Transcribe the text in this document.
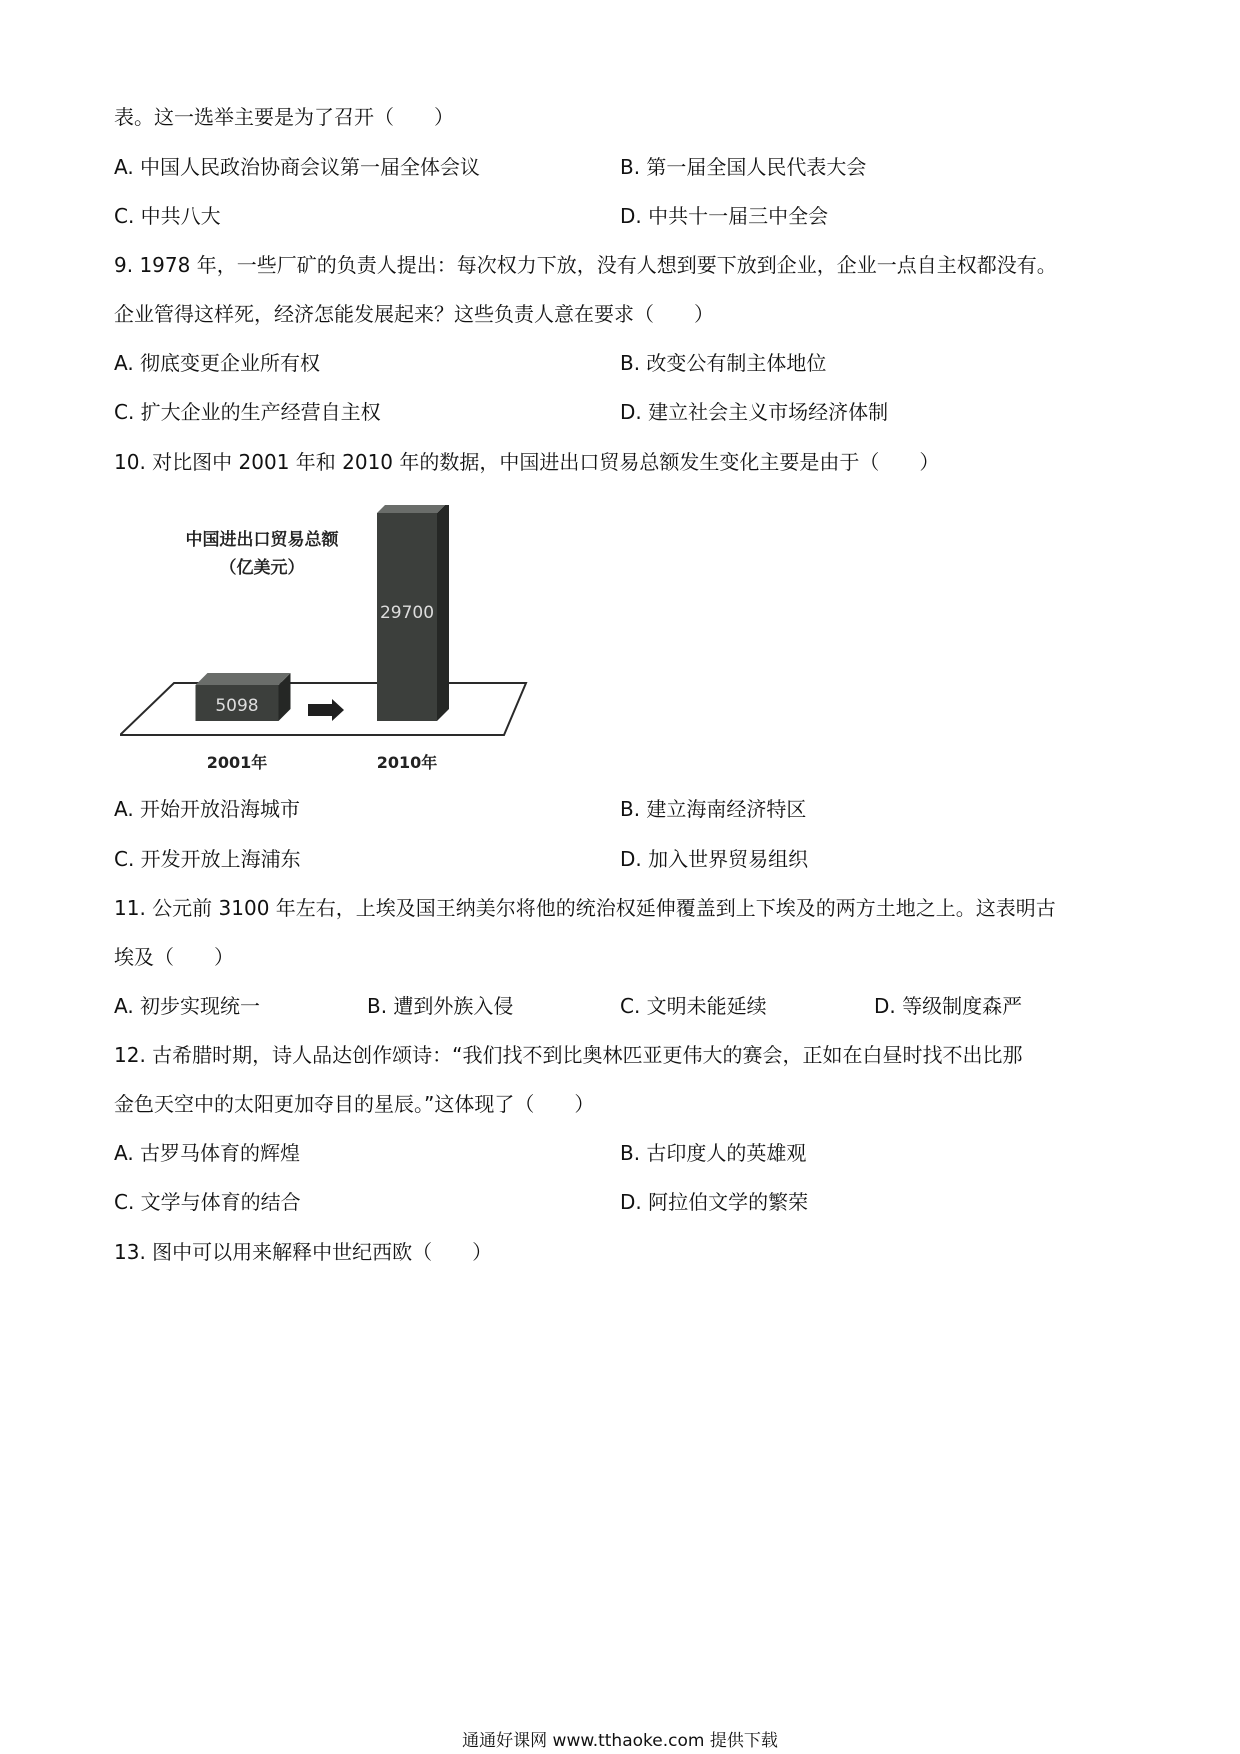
表。这一选举主要是为了召开（　　）
A. 中国人民政治协商会议第一届全体会议	B. 第一届全国人民代表大会
C. 中共八大	D. 中共十一届三中全会
9. 1978 年，一些厂矿的负责人提出：每次权力下放，没有人想到要下放到企业，企业一点自主权都没有。
企业管得这样死，经济怎能发展起来？这些负责人意在要求（　　）
A. 彻底变更企业所有权	B. 改变公有制主体地位
C. 扩大企业的生产经营自主权	D. 建立社会主义市场经济体制
10. 对比图中 2001 年和 2010 年的数据，中国进出口贸易总额发生变化主要是由于（　　）
中国进出口贸易总额
（亿美元）
5098
29700
2001年	2010年
A. 开始开放沿海城市	B. 建立海南经济特区
C. 开发开放上海浦东	D. 加入世界贸易组织
11. 公元前 3100 年左右，上埃及国王纳美尔将他的统治权延伸覆盖到上下埃及的两方土地之上。这表明古
埃及（　　）
A. 初步实现统一	B. 遭到外族入侵	C. 文明未能延续	D. 等级制度森严
12. 古希腊时期，诗人品达创作颂诗：“我们找不到比奥林匹亚更伟大的赛会，正如在白昼时找不出比那
金色天空中的太阳更加夺目的星辰。”这体现了（　　）
A. 古罗马体育的辉煌	B. 古印度人的英雄观
C. 文学与体育的结合	D. 阿拉伯文学的繁荣
13. 图中可以用来解释中世纪西欧（　　）
通通好课网 www.tthaoke.com 提供下载
